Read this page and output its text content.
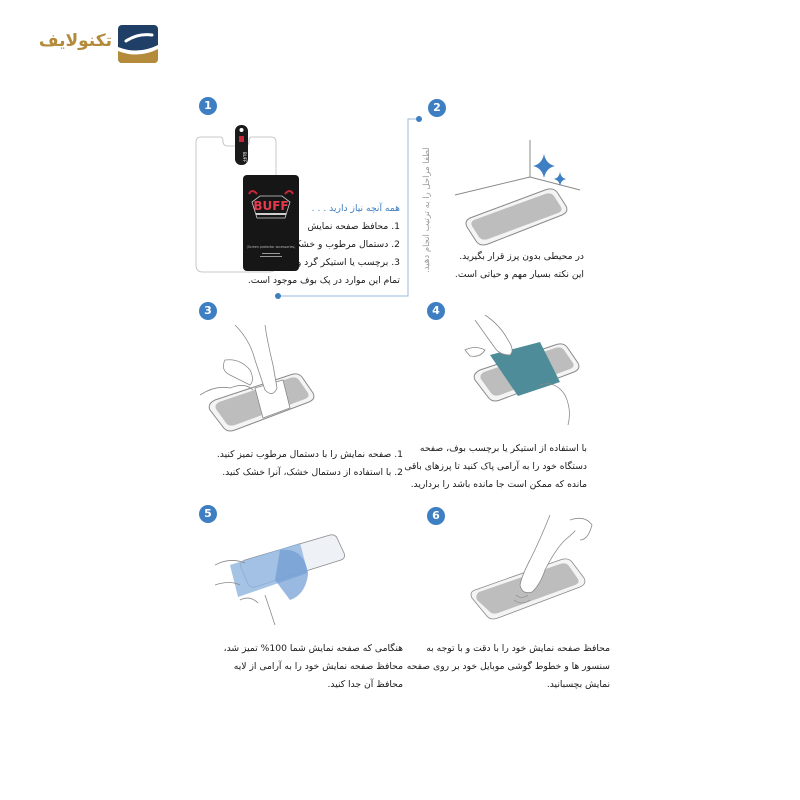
تکنولایف
لطفا مراحل را به ترتیب انجام دهید.
1
BUFF
BUFF
(Screen protector accessories)
همه آنچه نیاز دارید . . .
1. محافظ صفحه نمایش
2. دستمال مرطوب و خشک
3. برچسب یا استیکر گرد و غبار
تمام این موارد در پک بوف موجود است.
2
در محیطی بدون پرز قرار بگیرید.
این نکته بسیار مهم و حیاتی است.
3
1. صفحه نمایش را با دستمال مرطوب تمیز کنید.
2. با استفاده از دستمال خشک، آنرا خشک کنید.
4
با استفاده از استیکر یا برچسب بوف، صفحه
دستگاه خود را به آرامی پاک کنید تا پرزهای باقی
مانده که ممکن است جا مانده باشد را بردارید.
5
هنگامی که صفحه نمایش شما 100% تمیز شد،
محافظ صفحه نمایش خود را به آرامی از لایه
محافظ آن جدا کنید.
6
محافظ صفحه نمایش خود را با دقت و با توجه به
سنسور ها و خطوط گوشی موبایل خود بر روی صفحه
نمایش بچسبانید.
